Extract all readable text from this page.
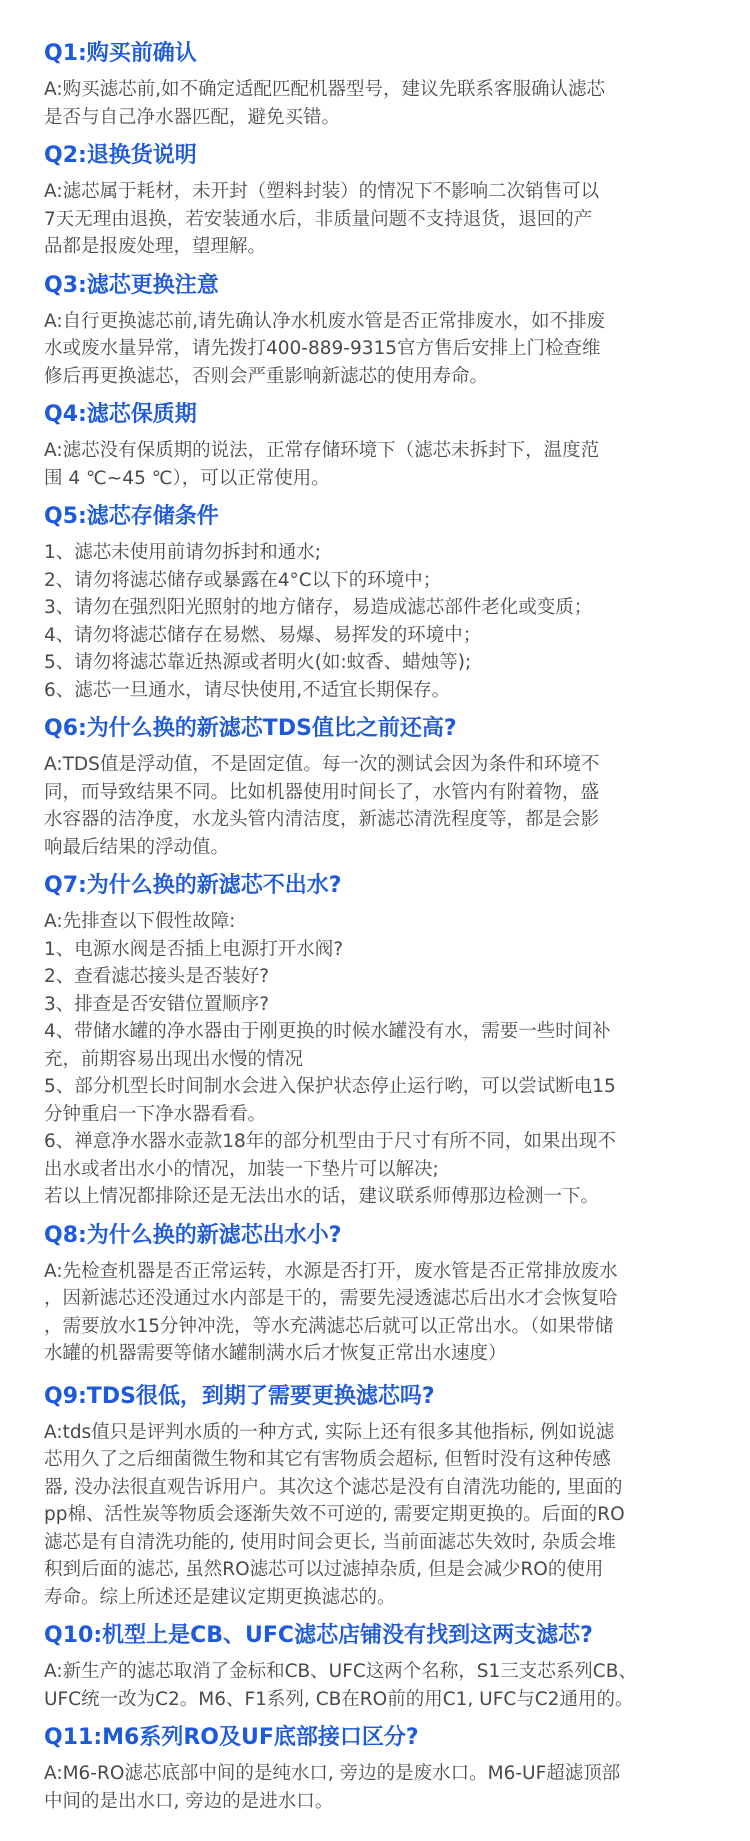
Q1:购买前确认
A:购买滤芯前,如不确定适配匹配机器型号，建议先联系客服确认滤芯
是否与自己净水器匹配，避免买错。
Q2:退换货说明
A:滤芯属于耗材，未开封（塑料封装）的情况下不影响二次销售可以
7天无理由退换，若安装通水后，非质量问题不支持退货，退回的产
品都是报废处理，望理解。
Q3:滤芯更换注意
A:自行更换滤芯前,请先确认净水机废水管是否正常排废水，如不排废
水或废水量异常，请先拨打400-889-9315官方售后安排上门检查维
修后再更换滤芯，否则会严重影响新滤芯的使用寿命。
Q4:滤芯保质期
A:滤芯没有保质期的说法，正常存储环境下（滤芯未拆封下，温度范
围 4 ℃~45 ℃），可以正常使用。
Q5:滤芯存储条件
1、滤芯未使用前请勿拆封和通水;
2、请勿将滤芯储存或暴露在4°C以下的环境中；
3、请勿在强烈阳光照射的地方储存，易造成滤芯部件老化或变质；
4、请勿将滤芯储存在易燃、易爆、易挥发的环境中；
5、请勿将滤芯靠近热源或者明火(如:蚊香、蜡烛等);
6、滤芯一旦通水，请尽快使用,不适宜长期保存。
Q6:为什么换的新滤芯TDS值比之前还高?
A:TDS值是浮动值，不是固定值。每一次的测试会因为条件和环境不
同，而导致结果不同。比如机器使用时间长了，水管内有附着物，盛
水容器的洁净度，水龙头管内清洁度，新滤芯清洗程度等，都是会影
响最后结果的浮动值。
Q7:为什么换的新滤芯不出水?
A:先排查以下假性故障:
1、电源水阀是否插上电源打开水阀?
2、查看滤芯接头是否装好?
3、排查是否安错位置顺序?
4、带储水罐的净水器由于刚更换的时候水罐没有水，需要一些时间补
充，前期容易出现出水慢的情况
5、部分机型长时间制水会进入保护状态停止运行哟，可以尝试断电15
分钟重启一下净水器看看。
6、禅意净水器水壶款18年的部分机型由于尺寸有所不同，如果出现不
出水或者出水小的情况，加装一下垫片可以解决;
若以上情况都排除还是无法出水的话，建议联系师傅那边检测一下。
Q8:为什么换的新滤芯出水小?
A:先检查机器是否正常运转，水源是否打开，废水管是否正常排放废水
，因新滤芯还没通过水内部是干的，需要先浸透滤芯后出水才会恢复哈
，需要放水15分钟冲洗，等水充满滤芯后就可以正常出水。（如果带储
水罐的机器需要等储水罐制满水后才恢复正常出水速度）
Q9:TDS很低，到期了需要更换滤芯吗?
A:tds值只是评判水质的一种方式, 实际上还有很多其他指标, 例如说滤
芯用久了之后细菌微生物和其它有害物质会超标, 但暂时没有这种传感
器, 没办法很直观告诉用户。其次这个滤芯是没有自清洗功能的, 里面的
pp棉、活性炭等物质会逐渐失效不可逆的, 需要定期更换的。后面的RO
滤芯是有自清洗功能的, 使用时间会更长, 当前面滤芯失效时, 杂质会堆
积到后面的滤芯, 虽然RO滤芯可以过滤掉杂质, 但是会减少RO的使用
寿命。综上所述还是建议定期更换滤芯的。
Q10:机型上是CB、UFC滤芯店铺没有找到这两支滤芯?
A:新生产的滤芯取消了金标和CB、UFC这两个名称，S1三支芯系列CB、
UFC统一改为C2。M6、F1系列, CB在RO前的用C1, UFC与C2通用的。
Q11:M6系列RO及UF底部接口区分?
A:M6-RO滤芯底部中间的是纯水口, 旁边的是废水口。M6-UF超滤顶部
中间的是出水口, 旁边的是进水口。
